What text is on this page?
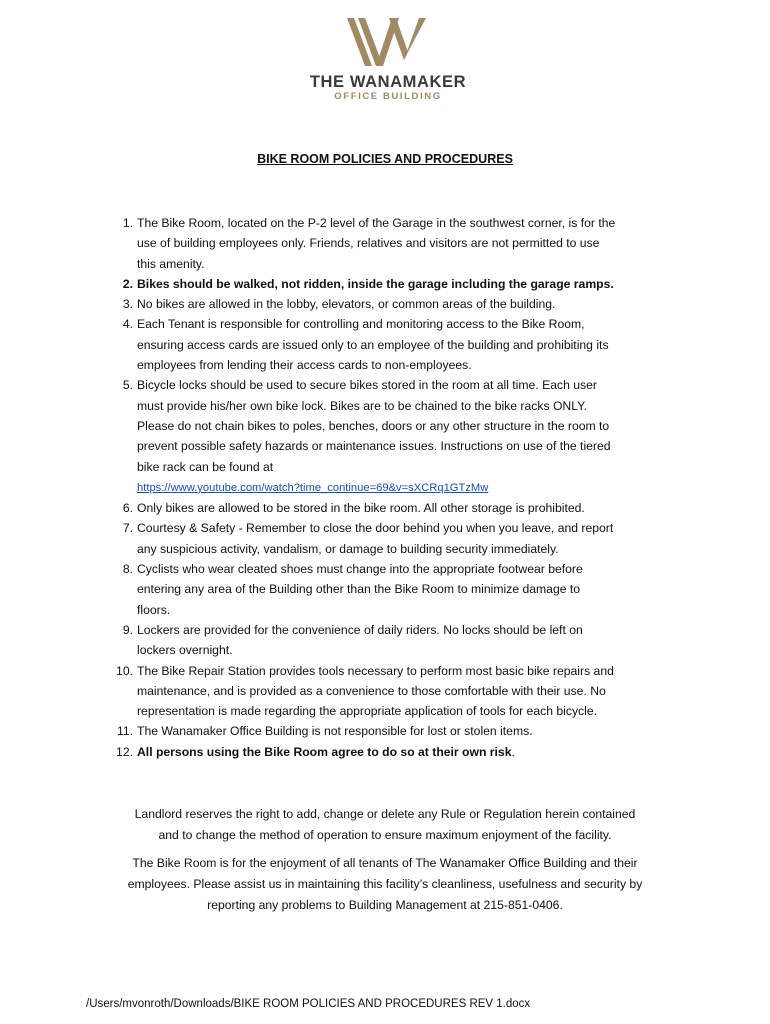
THE WANAMAKER
OFFICE BUILDING
BIKE ROOM POLICIES AND PROCEDURES
1. The Bike Room, located on the P-2 level of the Garage in the southwest corner, is for the
use of building employees only. Friends, relatives and visitors are not permitted to use
this amenity.
2. Bikes should be walked, not ridden, inside the garage including the garage ramps.
3. No bikes are allowed in the lobby, elevators, or common areas of the building.
4. Each Tenant is responsible for controlling and monitoring access to the Bike Room,
ensuring access cards are issued only to an employee of the building and prohibiting its
employees from lending their access cards to non-employees.
5. Bicycle locks should be used to secure bikes stored in the room at all time. Each user
must provide his/her own bike lock. Bikes are to be chained to the bike racks ONLY.
Please do not chain bikes to poles, benches, doors or any other structure in the room to
prevent possible safety hazards or maintenance issues. Instructions on use of the tiered
bike rack can be found at
https://www.youtube.com/watch?time_continue=69&v=sXCRq1GTzMw
6. Only bikes are allowed to be stored in the bike room. All other storage is prohibited.
7. Courtesy & Safety - Remember to close the door behind you when you leave, and report
any suspicious activity, vandalism, or damage to building security immediately.
8. Cyclists who wear cleated shoes must change into the appropriate footwear before
entering any area of the Building other than the Bike Room to minimize damage to
floors.
9. Lockers are provided for the convenience of daily riders. No locks should be left on
lockers overnight.
10. The Bike Repair Station provides tools necessary to perform most basic bike repairs and
maintenance, and is provided as a convenience to those comfortable with their use. No
representation is made regarding the appropriate application of tools for each bicycle.
11. The Wanamaker Office Building is not responsible for lost or stolen items.
12. All persons using the Bike Room agree to do so at their own risk.
Landlord reserves the right to add, change or delete any Rule or Regulation herein contained
and to change the method of operation to ensure maximum enjoyment of the facility.
The Bike Room is for the enjoyment of all tenants of The Wanamaker Office Building and their
employees. Please assist us in maintaining this facility’s cleanliness, usefulness and security by
reporting any problems to Building Management at 215-851-0406.
/Users/mvonroth/Downloads/BIKE ROOM POLICIES AND PROCEDURES REV 1.docx
